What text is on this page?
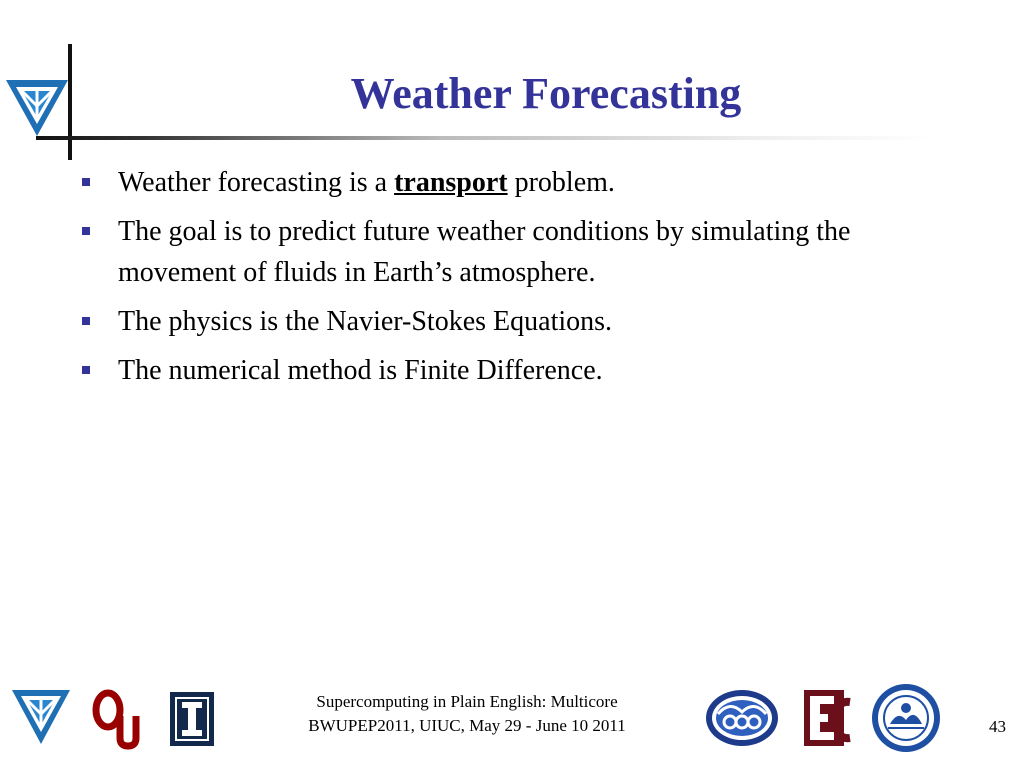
Weather Forecasting
Weather forecasting is a transport problem.
The goal is to predict future weather conditions by simulating the movement of fluids in Earth’s atmosphere.
The physics is the Navier-Stokes Equations.
The numerical method is Finite Difference.
Supercomputing in Plain English: Multicore
BWUPEP2011, UIUC, May 29 - June 10 2011	43
